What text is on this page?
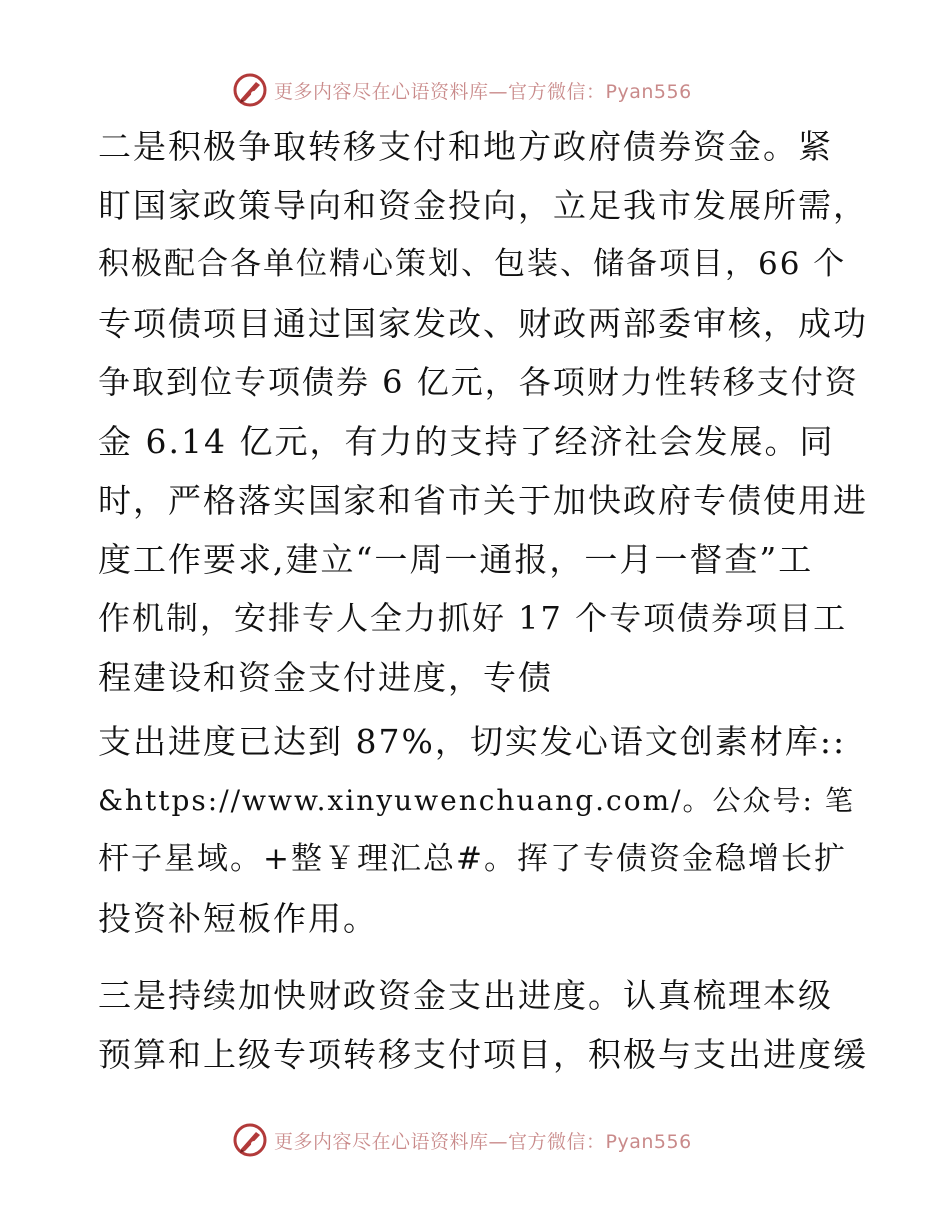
更多内容尽在心语资料库—官方微信：Pyan556
二是积极争取转移支付和地方政府债券资金。紧
盯国家政策导向和资金投向，立足我市发展所需，
积极配合各单位精心策划、包装、储备项目，66 个
专项债项目通过国家发改、财政两部委审核，成功
争取到位专项债券 6 亿元，各项财力性转移支付资
金 6.14 亿元，有力的支持了经济社会发展。同
时，严格落实国家和省市关于加快政府专债使用进
度工作要求,建立“一周一通报，一月一督查”工
作机制，安排专人全力抓好 17 个专项债券项目工
程建设和资金支付进度，专债
支出进度已达到 87%，切实发心语文创素材库::
&https://www.xinyuwenchuang.com/。公众号: 笔
杆子星域。+整￥理汇总#。挥了专债资金稳增长扩
投资补短板作用。
三是持续加快财政资金支出进度。认真梳理本级
预算和上级专项转移支付项目，积极与支出进度缓
更多内容尽在心语资料库—官方微信：Pyan556
